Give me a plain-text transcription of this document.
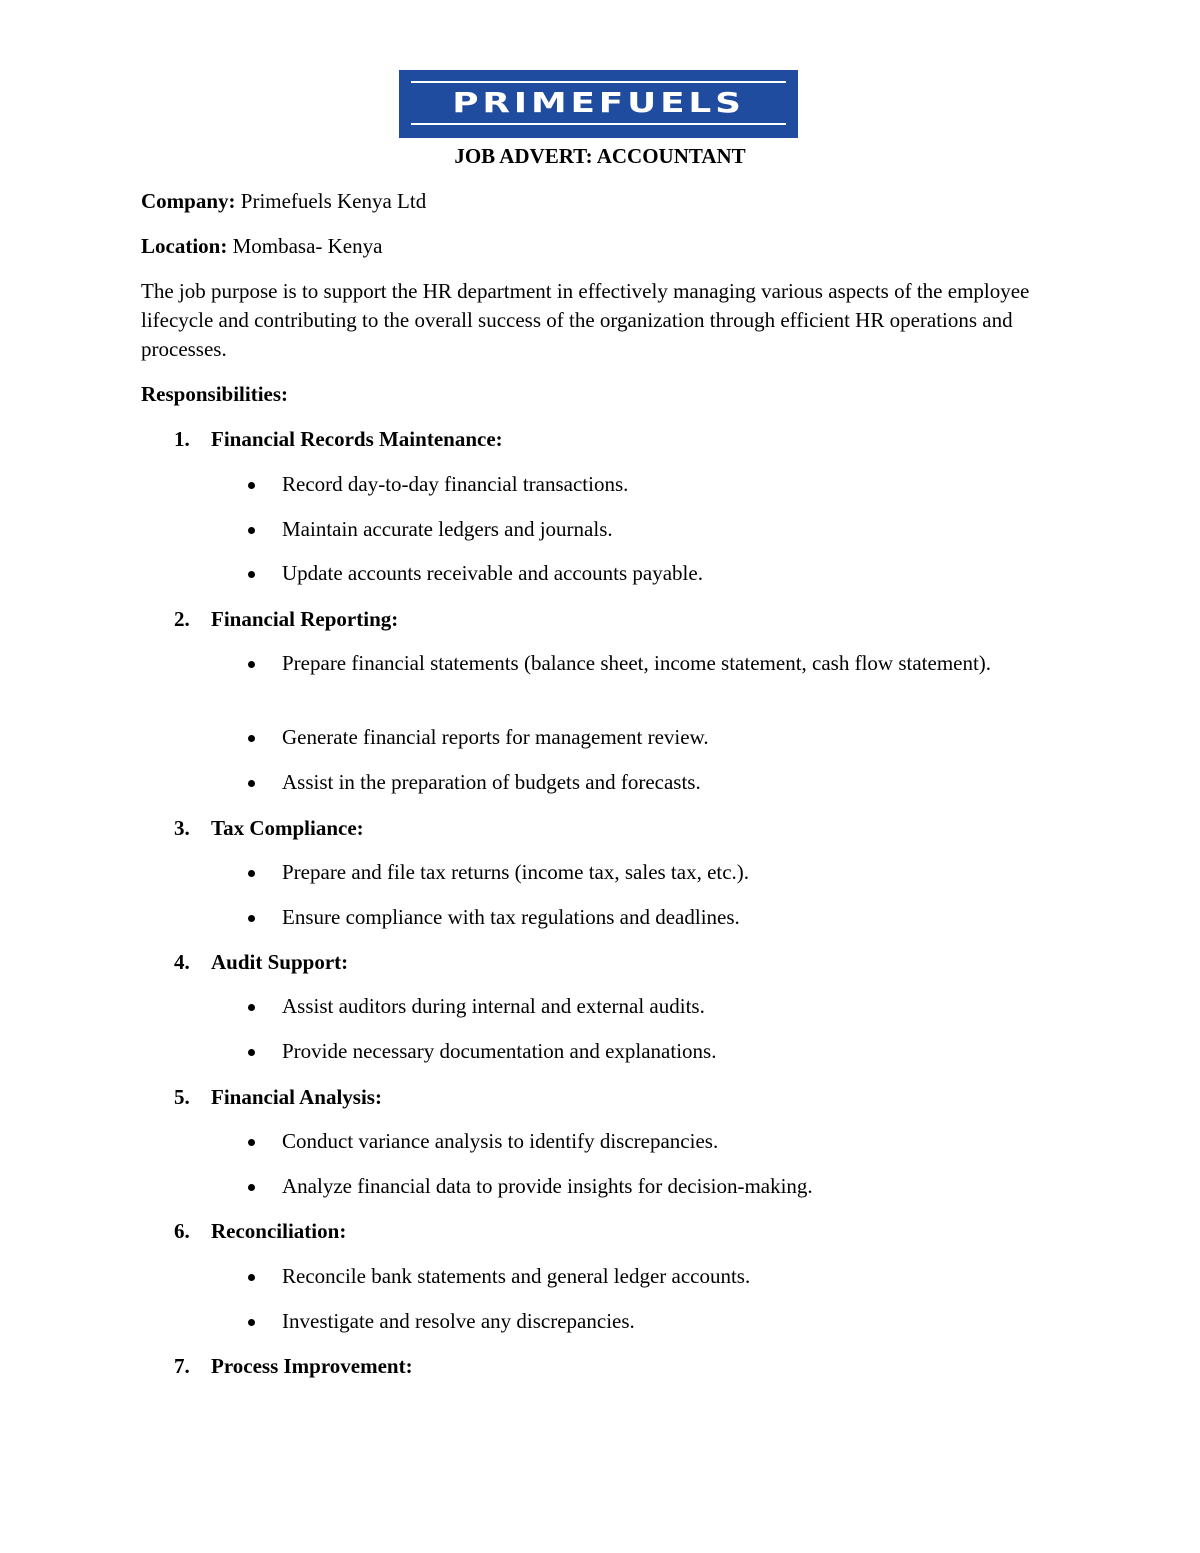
PRIMEFUELS
JOB ADVERT: ACCOUNTANT
Company: Primefuels Kenya Ltd
Location: Mombasa- Kenya
The job purpose is to support the HR department in effectively managing various aspects of the employee lifecycle and contributing to the overall success of the organization through efficient HR operations and processes.
Responsibilities:
1. Financial Records Maintenance:
Record day-to-day financial transactions.
Maintain accurate ledgers and journals.
Update accounts receivable and accounts payable.
2. Financial Reporting:
Prepare financial statements (balance sheet, income statement, cash flow statement).
Generate financial reports for management review.
Assist in the preparation of budgets and forecasts.
3. Tax Compliance:
Prepare and file tax returns (income tax, sales tax, etc.).
Ensure compliance with tax regulations and deadlines.
4. Audit Support:
Assist auditors during internal and external audits.
Provide necessary documentation and explanations.
5. Financial Analysis:
Conduct variance analysis to identify discrepancies.
Analyze financial data to provide insights for decision-making.
6. Reconciliation:
Reconcile bank statements and general ledger accounts.
Investigate and resolve any discrepancies.
7. Process Improvement:
